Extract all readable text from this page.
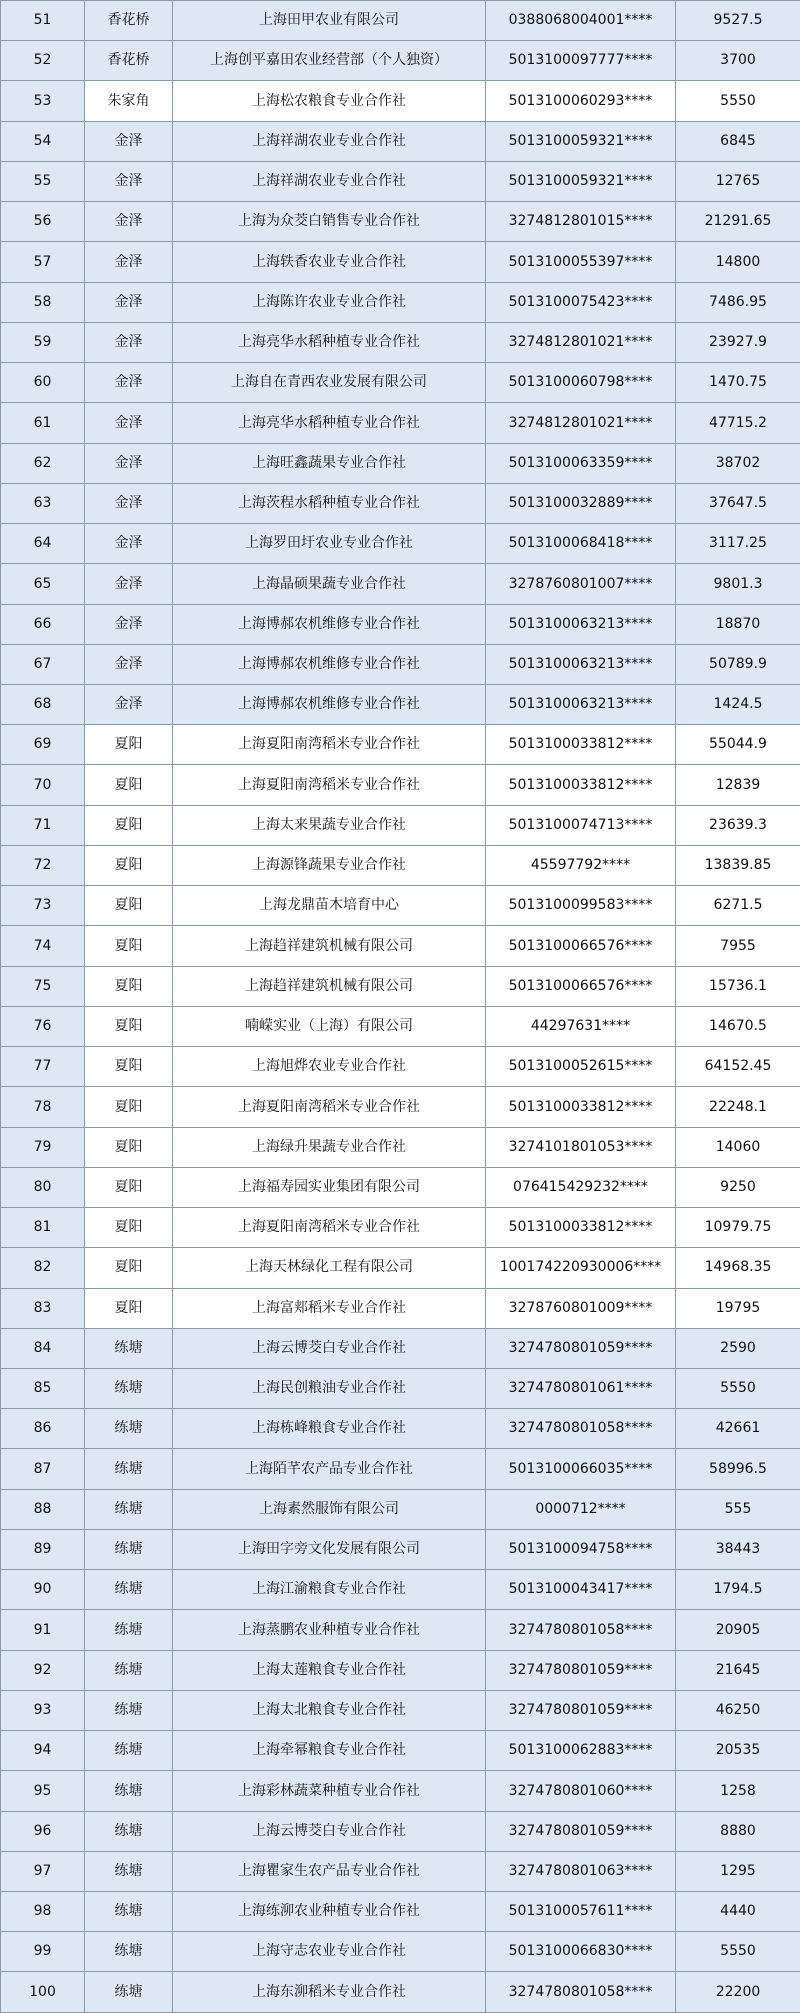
51	香花桥	上海田甲农业有限公司	0388068004001****	9527.5
52	香花桥	上海创平嘉田农业经营部（个人独资）	5013100097777****	3700
53	朱家角	上海松农粮食专业合作社	5013100060293****	5550
54	金泽	上海祥湖农业专业合作社	5013100059321****	6845
55	金泽	上海祥湖农业专业合作社	5013100059321****	12765
56	金泽	上海为众茭白销售专业合作社	3274812801015****	21291.65
57	金泽	上海轶香农业专业合作社	5013100055397****	14800
58	金泽	上海陈许农业专业合作社	5013100075423****	7486.95
59	金泽	上海亮华水稻种植专业合作社	3274812801021****	23927.9
60	金泽	上海自在青西农业发展有限公司	5013100060798****	1470.75
61	金泽	上海亮华水稻种植专业合作社	3274812801021****	47715.2
62	金泽	上海旺鑫蔬果专业合作社	5013100063359****	38702
63	金泽	上海茨程水稻种植专业合作社	5013100032889****	37647.5
64	金泽	上海罗田圩农业专业合作社	5013100068418****	3117.25
65	金泽	上海晶硕果蔬专业合作社	3278760801007****	9801.3
66	金泽	上海博郝农机维修专业合作社	5013100063213****	18870
67	金泽	上海博郝农机维修专业合作社	5013100063213****	50789.9
68	金泽	上海博郝农机维修专业合作社	5013100063213****	1424.5
69	夏阳	上海夏阳南湾稻米专业合作社	5013100033812****	55044.9
70	夏阳	上海夏阳南湾稻米专业合作社	5013100033812****	12839
71	夏阳	上海太来果蔬专业合作社	5013100074713****	23639.3
72	夏阳	上海源锋蔬果专业合作社	45597792****	13839.85
73	夏阳	上海龙鼎苗木培育中心	5013100099583****	6271.5
74	夏阳	上海趋祥建筑机械有限公司	5013100066576****	7955
75	夏阳	上海趋祥建筑机械有限公司	5013100066576****	15736.1
76	夏阳	喃嵘实业（上海）有限公司	44297631****	14670.5
77	夏阳	上海旭烨农业专业合作社	5013100052615****	64152.45
78	夏阳	上海夏阳南湾稻米专业合作社	5013100033812****	22248.1
79	夏阳	上海绿升果蔬专业合作社	3274101801053****	14060
80	夏阳	上海福寿园实业集团有限公司	076415429232****	9250
81	夏阳	上海夏阳南湾稻米专业合作社	5013100033812****	10979.75
82	夏阳	上海天林绿化工程有限公司	100174220930006****	14968.35
83	夏阳	上海富郏稻米专业合作社	3278760801009****	19795
84	练塘	上海云博茭白专业合作社	3274780801059****	2590
85	练塘	上海民创粮油专业合作社	3274780801061****	5550
86	练塘	上海栋峰粮食专业合作社	3274780801058****	42661
87	练塘	上海陌芊农产品专业合作社	5013100066035****	58996.5
88	练塘	上海素然服饰有限公司	0000712****	555
89	练塘	上海田字旁文化发展有限公司	5013100094758****	38443
90	练塘	上海江渝粮食专业合作社	5013100043417****	1794.5
91	练塘	上海蒸鹏农业种植专业合作社	3274780801058****	20905
92	练塘	上海太莲粮食专业合作社	3274780801059****	21645
93	练塘	上海太北粮食专业合作社	3274780801059****	46250
94	练塘	上海牵幂粮食专业合作社	5013100062883****	20535
95	练塘	上海彩林蔬菜种植专业合作社	3274780801060****	1258
96	练塘	上海云博茭白专业合作社	3274780801059****	8880
97	练塘	上海瞿家生农产品专业合作社	3274780801063****	1295
98	练塘	上海练泖农业种植专业合作社	5013100057611****	4440
99	练塘	上海守志农业专业合作社	5013100066830****	5550
100	练塘	上海东泖稻米专业合作社	3274780801058****	22200
